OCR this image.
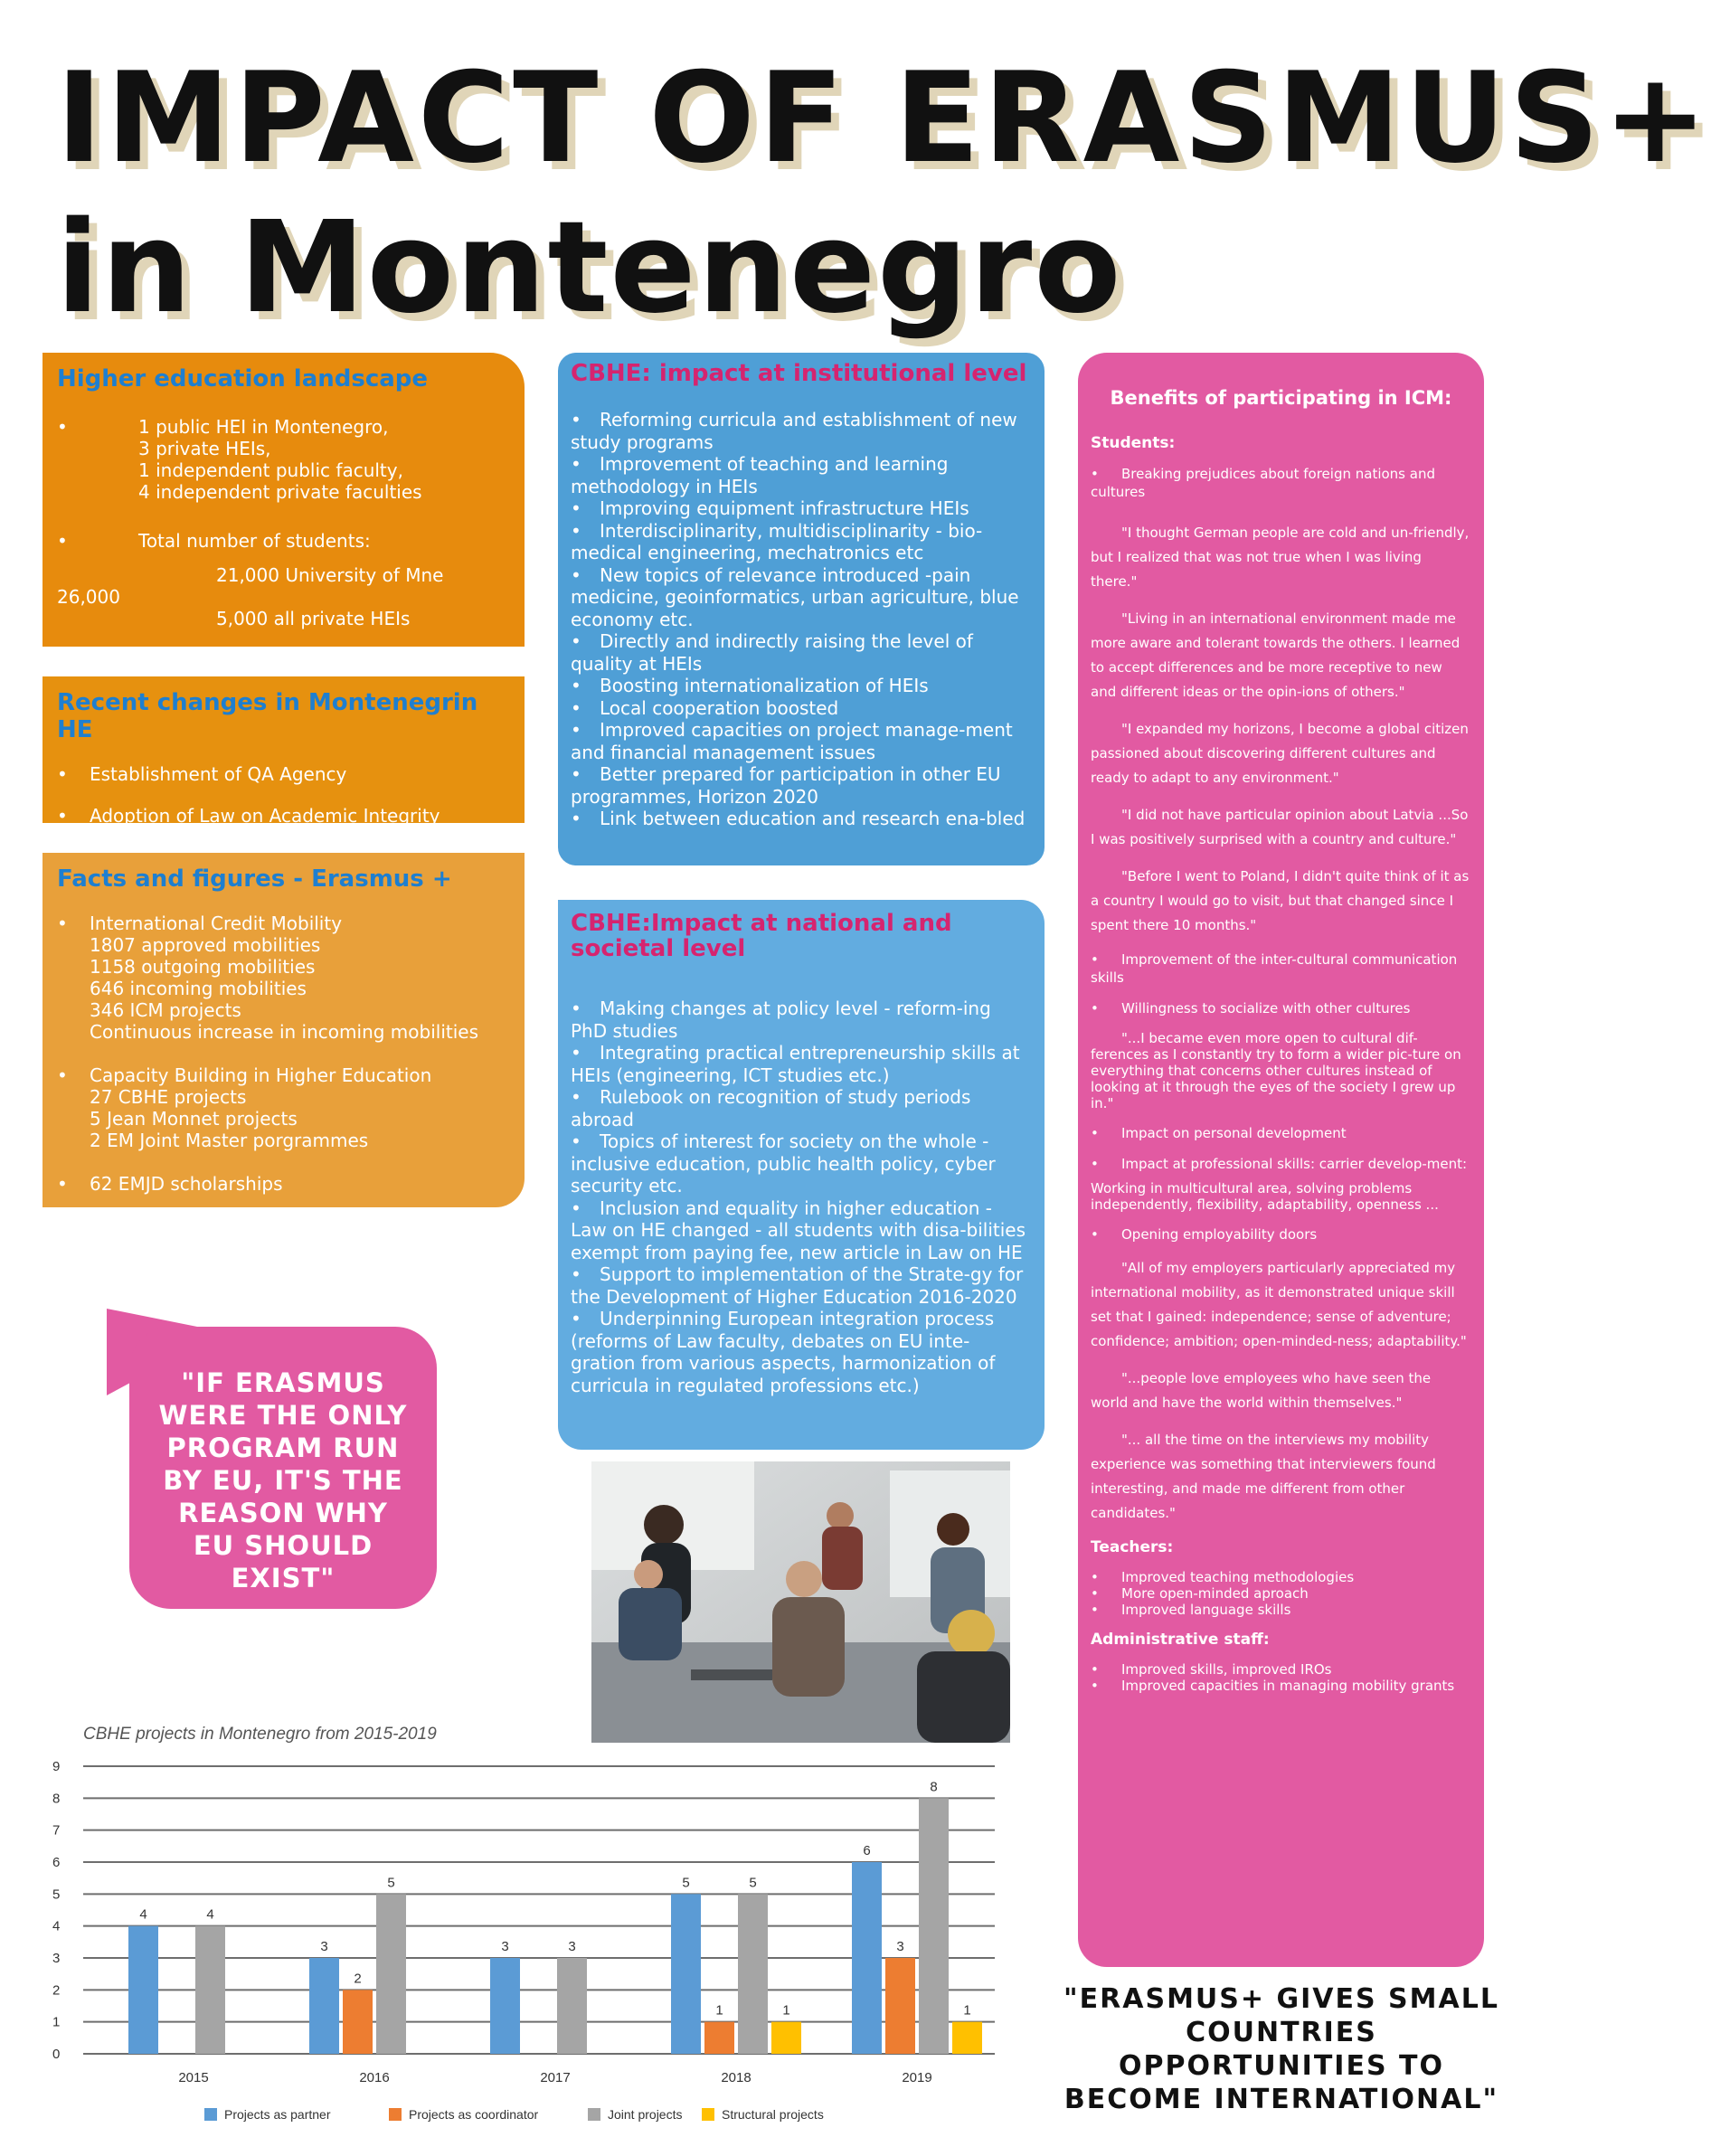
IMPACT OF ERASMUS+
in Montenegro
Higher education landscape
•	1 public HEI in Montenegro,
3 private HEIs,
1 independent public faculty,
4 independent private faculties
•	Total number of students:
21,000 University of Mne
26,000
5,000 all private HEIs
Recent changes in Montenegrin HE
•	Establishment of QA Agency
•	Adoption of Law on Academic Integrity
Facts and figures - Erasmus +
•	International Credit Mobility
1807 approved mobilities
1158 outgoing mobilities
646 incoming mobilities
346 ICM projects
Continuous increase in incoming mobilities
•	Capacity Building in Higher Education
27 CBHE projects
5 Jean Monnet projects
2 EM Joint Master porgrammes
•	62 EMJD scholarships
CBHE: impact at institutional level
• Reforming curricula and establishment of new study programs
• Improvement of teaching and learning methodology in HEIs
• Improving equipment infrastructure HEIs
• Interdisciplinarity, multidisciplinarity - bio-medical engineering, mechatronics etc
• New topics of relevance introduced -pain medicine, geoinformatics, urban agriculture, blue economy etc.
• Directly and indirectly raising the level of quality at HEIs
• Boosting internationalization of HEIs
• Local cooperation boosted
• Improved capacities on project manage-ment and financial management issues
• Better prepared for participation in other EU programmes, Horizon 2020
• Link between education and research ena-bled
CBHE:Impact at national and societal level
• Making changes at policy level - reform-ing PhD studies
• Integrating practical entrepreneurship skills at HEIs (engineering, ICT studies etc.)
• Rulebook on recognition of study periods abroad
• Topics of interest for society on the whole - inclusive education, public health policy, cyber security etc.
• Inclusion and equality in higher education - Law on HE changed - all students with disa-bilities exempt from paying fee, new article in Law on HE
• Support to implementation of the Strate-gy for the Development of Higher Education 2016-2020
• Underpinning European integration process (reforms of Law faculty, debates on EU inte-gration from various aspects, harmonization of curricula in regulated professions etc.)
Benefits of participating in ICM:
Students:

• Breaking prejudices about foreign nations and cultures

"I thought German people are cold and un-friendly, but I realized that was not true when I was living there."

"Living in an international environment made me more aware and tolerant towards the others. I learned to accept differences and be more receptive to new and different ideas or the opin-ions of others."

"I expanded my horizons, I become a global citizen passioned about discovering different cultures and ready to adapt to any environment."

"I did not have particular opinion about Latvia ...So I was positively surprised with a country and culture."

"Before I went to Poland, I didn't quite think of it as a country I would go to visit, but that changed since I spent there 10 months."

• Improvement of the inter-cultural communication skills

• Willingness to socialize with other cultures

"...I became even more open to cultural dif-ferences as I constantly try to form a wider pic-ture on everything that concerns other cultures instead of looking at it through the eyes of the society I grew up in."

• Impact on personal development

• Impact at professional skills: carrier develop-ment:

Working in multicultural area, solving problems independently, flexibility, adaptability, openness ...

• Opening employability doors

"All of my employers particularly appreciated my international mobility, as it demonstrated unique skill set that I gained: independence; sense of adventure; confidence; ambition; open-minded-ness; adaptability."

"...people love employees who have seen the world and have the world within themselves."

"... all the time on the interviews my mobility experience was something that interviewers found interesting, and made me different from other candidates."

Teachers:

• Improved teaching methodologies
• More open-minded aproach
• Improved language skills

Administrative staff:

• Improved skills, improved IROs
• Improved capacities in managing mobility grants

"IF ERASMUS WERE THE ONLY PROGRAM RUN BY EU, IT'S THE REASON WHY EU SHOULD EXIST"
"ERASMUS+ GIVES SMALL COUNTRIES OPPORTUNITIES TO BECOME INTERNATIONAL"
CBHE projects in Montenegro from 2015-2019
0
1
2
3
4
5
6
7
8
9
4	4
2015
3
2
5
2016
3	3
2017
5
1
5
1
2018
6
3
8
1
2019
Projects as partner	Projects as coordinator	Joint projects	Structural projects
